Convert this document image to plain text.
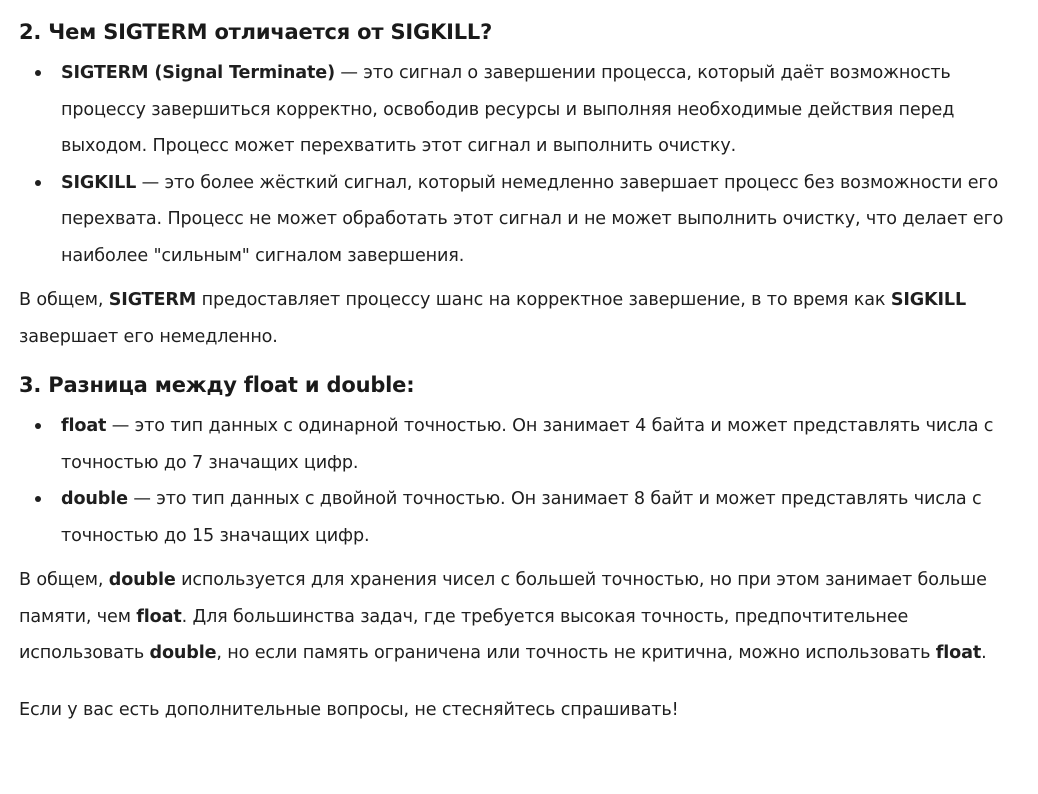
2. Чем SIGTERM отличается от SIGKILL?
SIGTERM (Signal Terminate) — это сигнал о завершении процесса, который даёт возможность процессу завершиться корректно, освободив ресурсы и выполняя необходимые действия перед выходом. Процесс может перехватить этот сигнал и выполнить очистку.
SIGKILL — это более жёсткий сигнал, который немедленно завершает процесс без возможности его перехвата. Процесс не может обработать этот сигнал и не может выполнить очистку, что делает его наиболее "сильным" сигналом завершения.

В общем, SIGTERM предоставляет процессу шанс на корректное завершение, в то время как SIGKILL завершает его немедленно.

3. Разница между float и double:
float — это тип данных с одинарной точностью. Он занимает 4 байта и может представлять числа с точностью до 7 значащих цифр.
double — это тип данных с двойной точностью. Он занимает 8 байт и может представлять числа с точностью до 15 значащих цифр.

В общем, double используется для хранения чисел с большей точностью, но при этом занимает больше памяти, чем float. Для большинства задач, где требуется высокая точность, предпочтительнее использовать double, но если память ограничена или точность не критична, можно использовать float.

Если у вас есть дополнительные вопросы, не стесняйтесь спрашивать!
